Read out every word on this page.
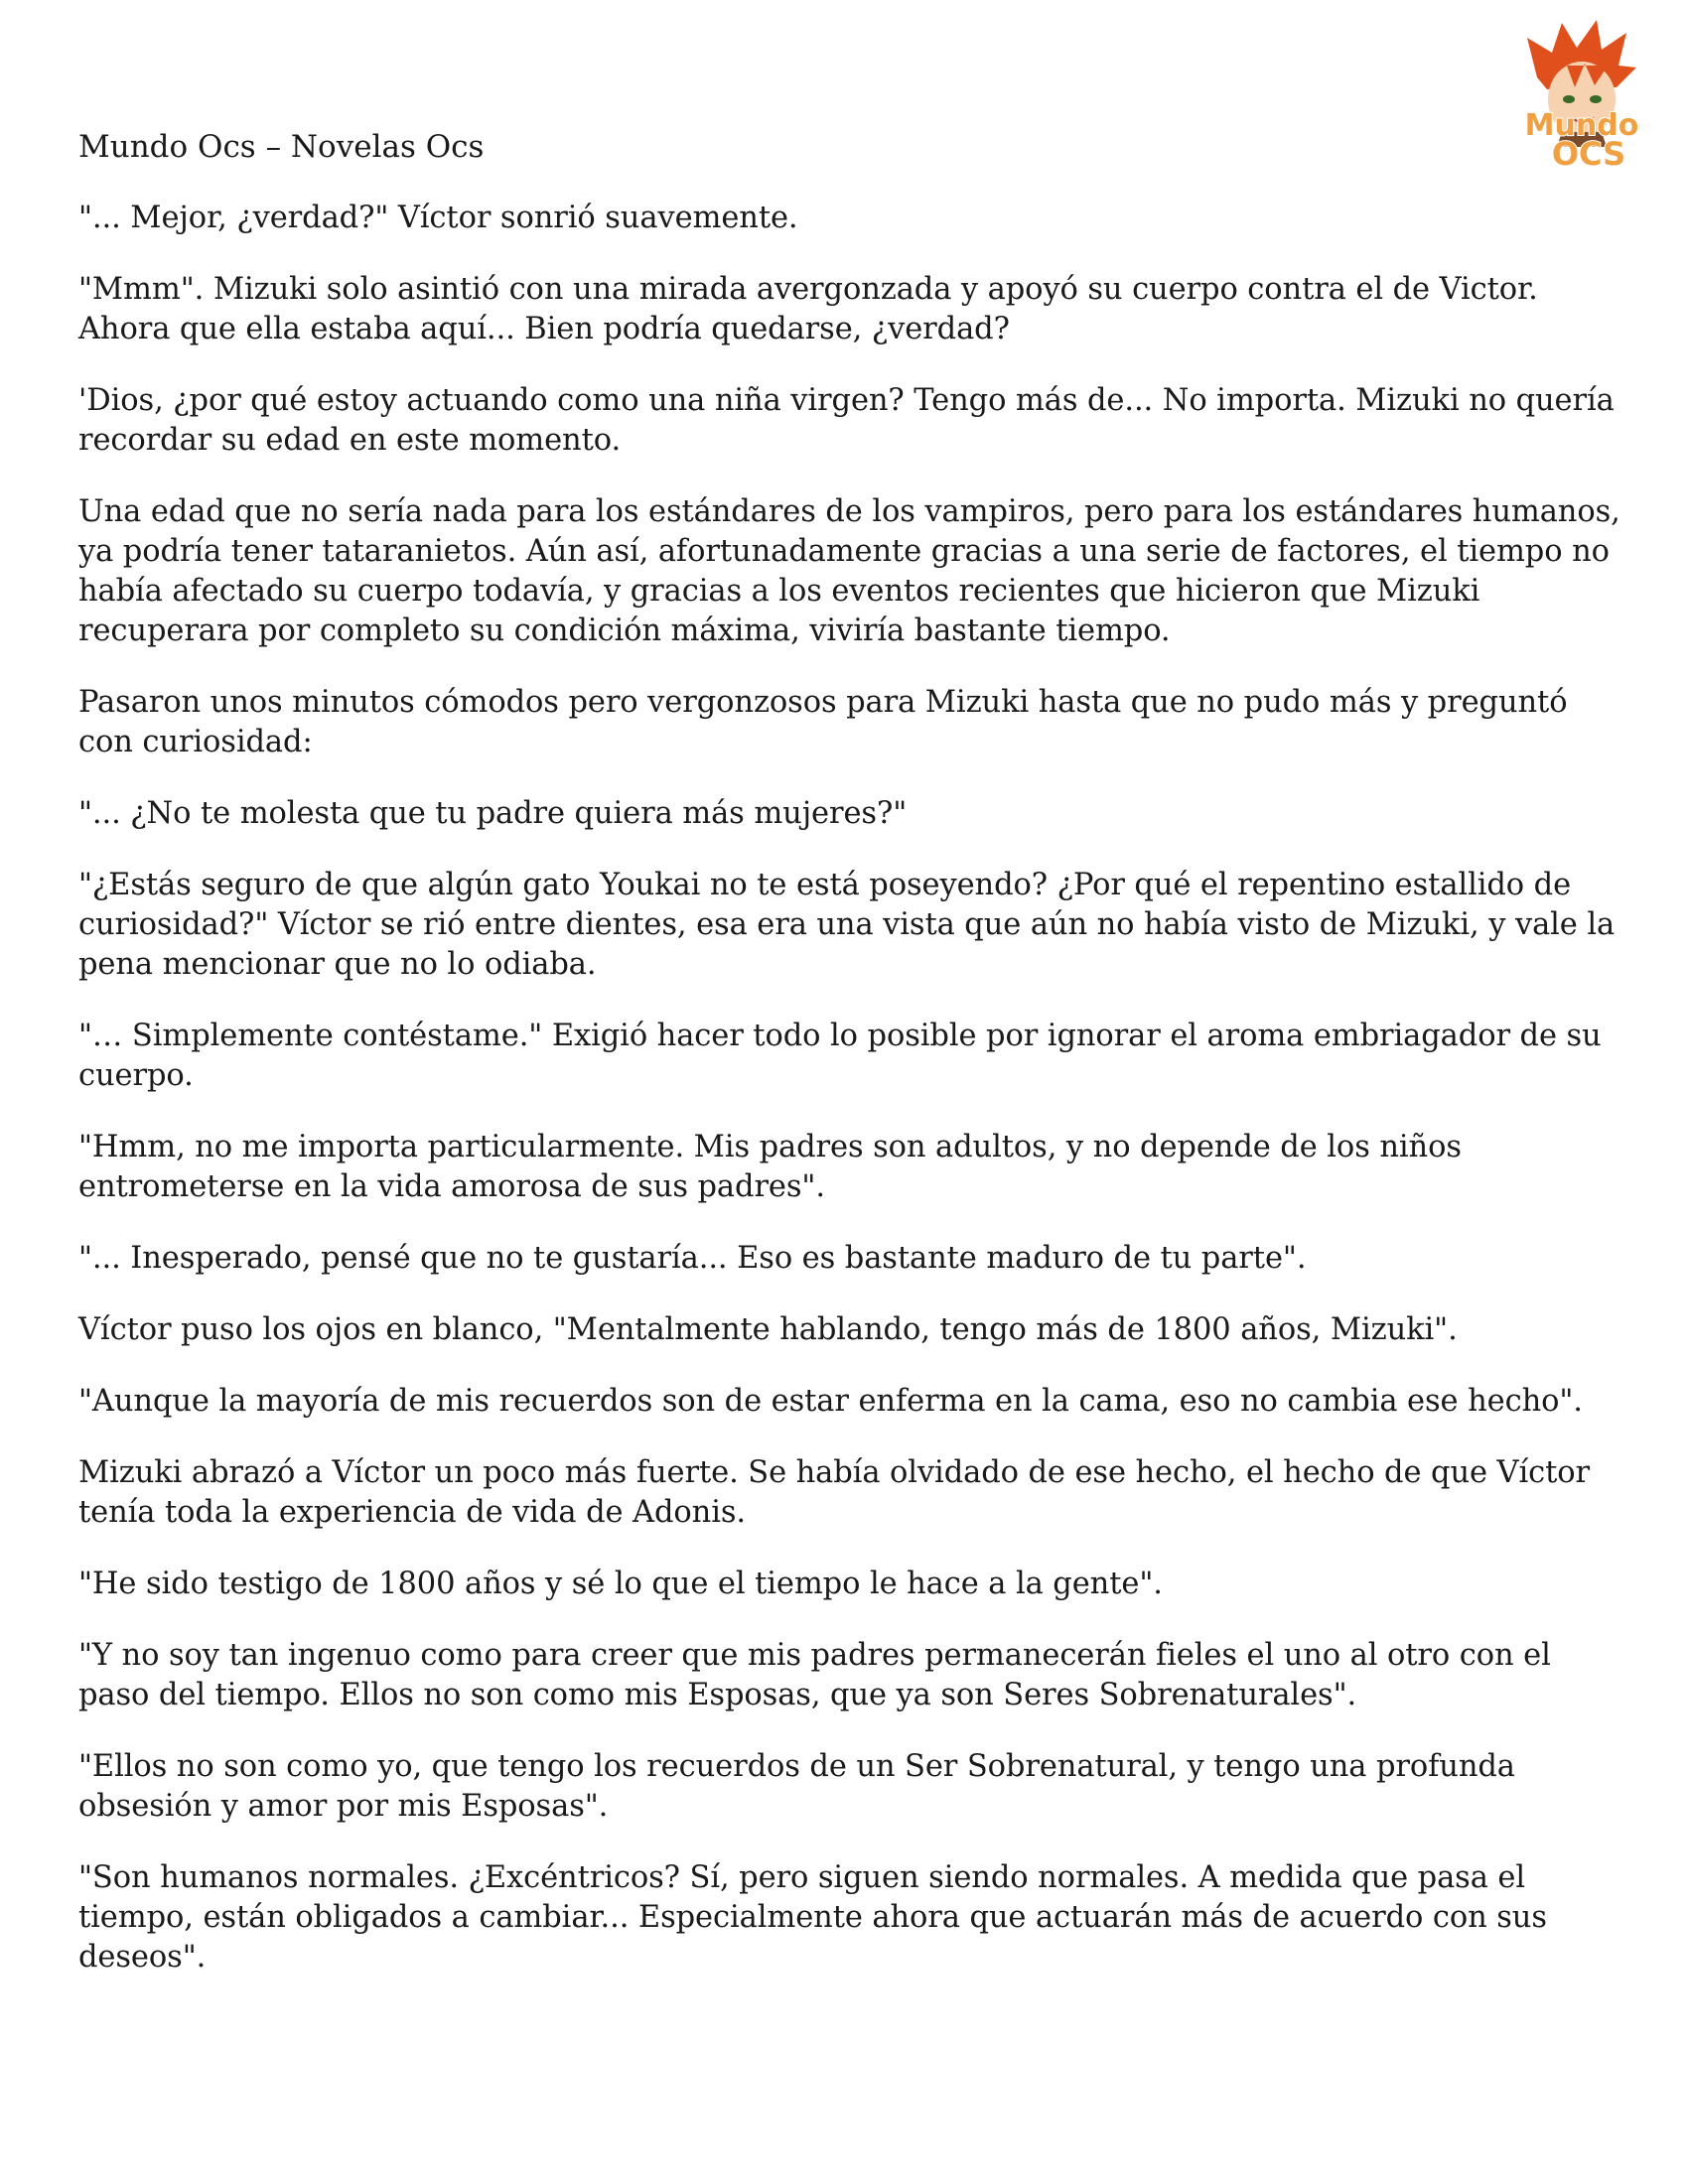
Mundo Ocs – Novelas Ocs
Mundo
OCS

"... Mejor, ¿verdad?" Víctor sonrió suavemente.

"Mmm". Mizuki solo asintió con una mirada avergonzada y apoyó su cuerpo contra el de Victor. Ahora que ella estaba aquí... Bien podría quedarse, ¿verdad?

'Dios, ¿por qué estoy actuando como una niña virgen? Tengo más de... No importa. Mizuki no quería recordar su edad en este momento.

Una edad que no sería nada para los estándares de los vampiros, pero para los estándares humanos, ya podría tener tataranietos. Aún así, afortunadamente gracias a una serie de factores, el tiempo no había afectado su cuerpo todavía, y gracias a los eventos recientes que hicieron que Mizuki recuperara por completo su condición máxima, viviría bastante tiempo.

Pasaron unos minutos cómodos pero vergonzosos para Mizuki hasta que no pudo más y preguntó con curiosidad:

"... ¿No te molesta que tu padre quiera más mujeres?"

"¿Estás seguro de que algún gato Youkai no te está poseyendo? ¿Por qué el repentino estallido de curiosidad?" Víctor se rió entre dientes, esa era una vista que aún no había visto de Mizuki, y vale la pena mencionar que no lo odiaba.

"… Simplemente contéstame." Exigió hacer todo lo posible por ignorar el aroma embriagador de su cuerpo.

"Hmm, no me importa particularmente. Mis padres son adultos, y no depende de los niños entrometerse en la vida amorosa de sus padres".

"... Inesperado, pensé que no te gustaría... Eso es bastante maduro de tu parte".

Víctor puso los ojos en blanco, "Mentalmente hablando, tengo más de 1800 años, Mizuki".

"Aunque la mayoría de mis recuerdos son de estar enferma en la cama, eso no cambia ese hecho".

Mizuki abrazó a Víctor un poco más fuerte. Se había olvidado de ese hecho, el hecho de que Víctor tenía toda la experiencia de vida de Adonis.

"He sido testigo de 1800 años y sé lo que el tiempo le hace a la gente".

"Y no soy tan ingenuo como para creer que mis padres permanecerán fieles el uno al otro con el paso del tiempo. Ellos no son como mis Esposas, que ya son Seres Sobrenaturales".

"Ellos no son como yo, que tengo los recuerdos de un Ser Sobrenatural, y tengo una profunda obsesión y amor por mis Esposas".

"Son humanos normales. ¿Excéntricos? Sí, pero siguen siendo normales. A medida que pasa el tiempo, están obligados a cambiar... Especialmente ahora que actuarán más de acuerdo con sus deseos".
